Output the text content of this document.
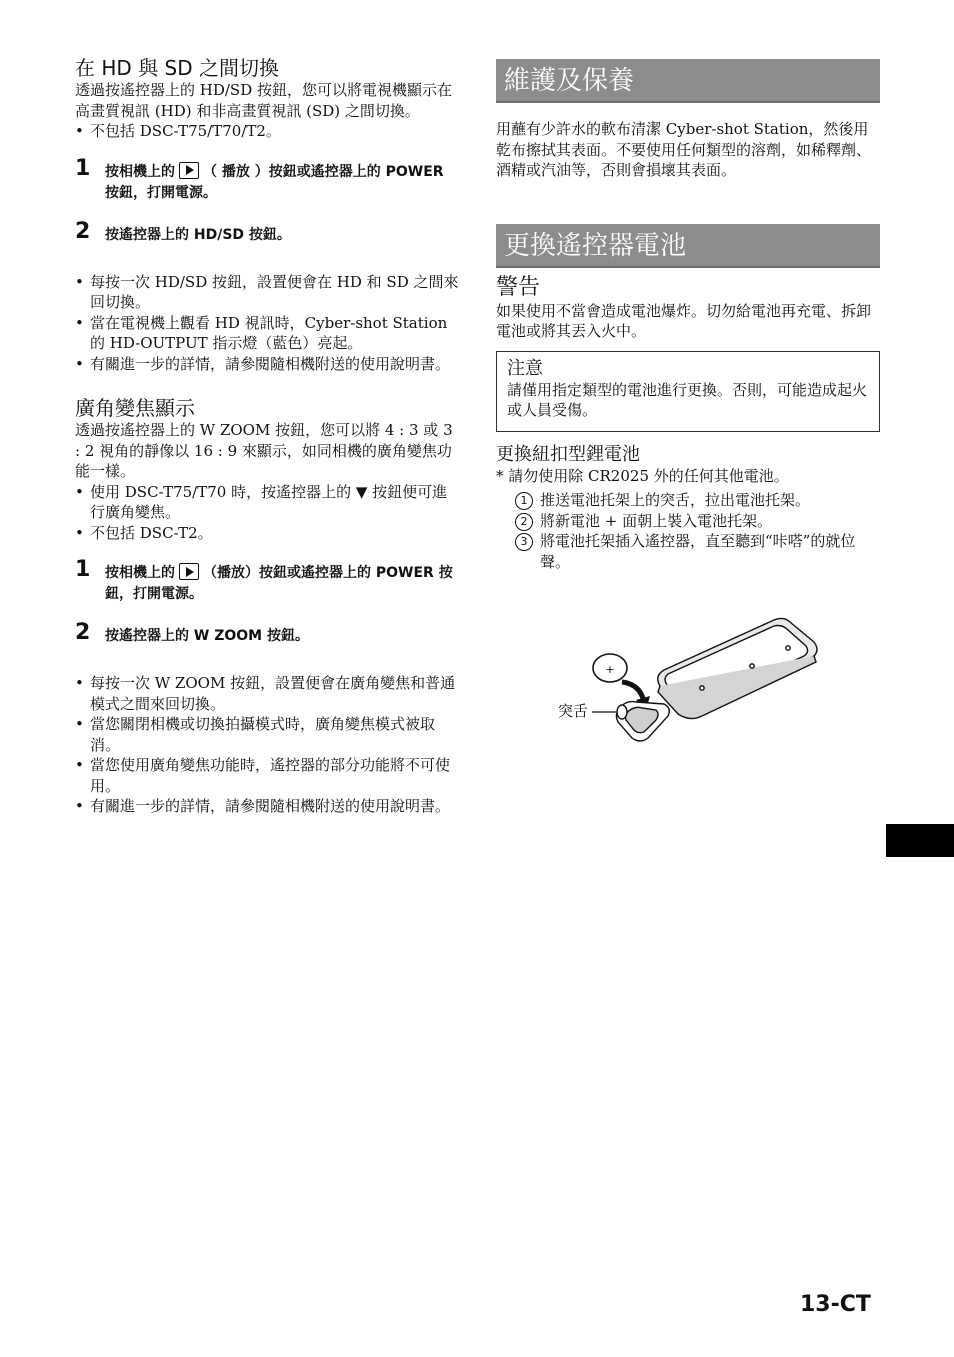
在 HD 與 SD 之間切換

透過按遙控器上的 HD/SD 按鈕，您可以將電視機顯示在高畫質視訊 (HD) 和非高畫質視訊 (SD) 之間切換。

• 不包括 DSC-T75/T70/T2。
1 按相機上的 （ 播放 ）按鈕或遙控器上的 POWER 按鈕，打開電源。
2 按遙控器上的 HD/SD 按鈕。
• 每按一次 HD/SD 按鈕，設置便會在 HD 和 SD 之間來回切換。
• 當在電視機上觀看 HD 視訊時，Cyber-shot Station 的 HD-OUTPUT 指示燈（藍色）亮起。
• 有關進一步的詳情，請參閱隨相機附送的使用說明書。
廣角變焦顯示

透過按遙控器上的 W ZOOM 按鈕，您可以將 4 : 3 或 3 : 2 視角的靜像以 16 : 9 來顯示，如同相機的廣角變焦功能一樣。

• 使用 DSC-T75/T70 時，按遙控器上的 ▼ 按鈕便可進行廣角變焦。
• 不包括 DSC-T2。
1 按相機上的 （播放）按鈕或遙控器上的 POWER 按鈕，打開電源。
2 按遙控器上的 W ZOOM 按鈕。
• 每按一次 W ZOOM 按鈕，設置便會在廣角變焦和普通模式之間來回切換。
• 當您關閉相機或切換拍攝模式時，廣角變焦模式被取消。
• 當您使用廣角變焦功能時，遙控器的部分功能將不可使用。
• 有關進一步的詳情，請參閱隨相機附送的使用說明書。
維護及保養

用蘸有少許水的軟布清潔 Cyber-shot Station，然後用乾布擦拭其表面。不要使用任何類型的溶劑，如稀釋劑、酒精或汽油等，否則會損壞其表面。

更換遙控器電池
警告

如果使用不當會造成電池爆炸。切勿給電池再充電、拆卸電池或將其丟入火中。

注意

請僅用指定類型的電池進行更換。否則，可能造成起火或人員受傷。

更換紐扣型鋰電池

* 請勿使用除 CR2025 外的任何其他電池。

1 推送電池托架上的突舌，拉出電池托架。
2 將新電池 + 面朝上裝入電池托架。
3 將電池托架插入遙控器，直至聽到“咔嗒”的就位聲。
+
突舌
13-CT
